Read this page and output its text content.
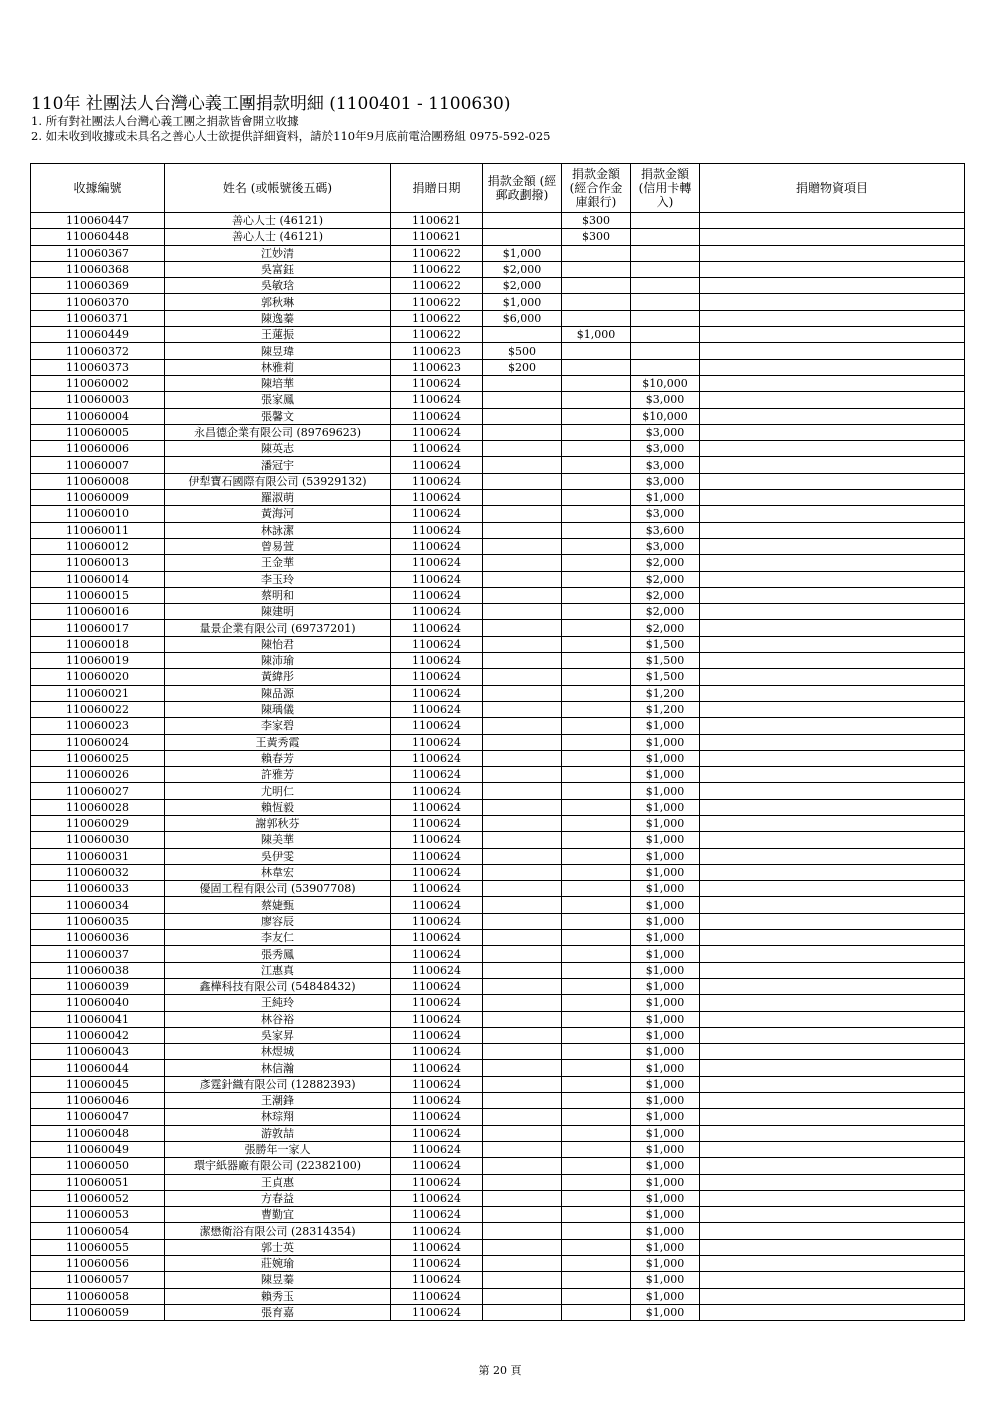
110年 社團法人台灣心義工團捐款明細 (1100401 - 1100630)

1. 所有對社團法人台灣心義工團之捐款皆會開立收據

2. 如未收到收據或未具名之善心人士欲提供詳細資料，請於110年9月底前電洽團務組 0975-592-025

收據編號	姓名 (或帳號後五碼)	捐贈日期	捐款金額 (經郵政劃撥)	捐款金額 (經合作金庫銀行)	捐款金額 (信用卡轉入)	捐贈物資項目
110060447	善心人士 (46121)	1100621		$300		
110060448	善心人士 (46121)	1100621		$300		
110060367	江妙清	1100622	$1,000			
110060368	吳富鈺	1100622	$2,000			
110060369	吳敏琀	1100622	$2,000			
110060370	郭秋琳	1100622	$1,000			
110060371	陳逸蓁	1100622	$6,000			
110060449	王蓮振	1100622		$1,000		
110060372	陳昱瑋	1100623	$500			
110060373	林雅莉	1100623	$200			
110060002	陳培華	1100624			$10,000	
110060003	張家鳳	1100624			$3,000	
110060004	張馨文	1100624			$10,000	
110060005	永昌德企業有限公司 (89769623)	1100624			$3,000	
110060006	陳英志	1100624			$3,000	
110060007	潘冠宇	1100624			$3,000	
110060008	伊犁寶石國際有限公司 (53929132)	1100624			$3,000	
110060009	羅淑萌	1100624			$1,000	
110060010	黃海河	1100624			$3,000	
110060011	林詠潔	1100624			$3,600	
110060012	曾易萱	1100624			$3,000	
110060013	王金華	1100624			$2,000	
110060014	李玉玲	1100624			$2,000	
110060015	蔡明和	1100624			$2,000	
110060016	陳建明	1100624			$2,000	
110060017	量景企業有限公司 (69737201)	1100624			$2,000	
110060018	陳怡君	1100624			$1,500	
110060019	陳沛瑜	1100624			$1,500	
110060020	黃緯彤	1100624			$1,500	
110060021	陳品源	1100624			$1,200	
110060022	陳瑀儀	1100624			$1,200	
110060023	李家碧	1100624			$1,000	
110060024	王黃秀霞	1100624			$1,000	
110060025	賴春芳	1100624			$1,000	
110060026	許雅芳	1100624			$1,000	
110060027	尤明仁	1100624			$1,000	
110060028	賴恆毅	1100624			$1,000	
110060029	謝郭秋芬	1100624			$1,000	
110060030	陳美華	1100624			$1,000	
110060031	吳伊雯	1100624			$1,000	
110060032	林韋宏	1100624			$1,000	
110060033	優固工程有限公司 (53907708)	1100624			$1,000	
110060034	蔡婕甄	1100624			$1,000	
110060035	廖容辰	1100624			$1,000	
110060036	李友仁	1100624			$1,000	
110060037	張秀鳳	1100624			$1,000	
110060038	江惠真	1100624			$1,000	
110060039	鑫樺科技有限公司 (54848432)	1100624			$1,000	
110060040	王純玲	1100624			$1,000	
110060041	林谷裕	1100624			$1,000	
110060042	吳家昇	1100624			$1,000	
110060043	林煜城	1100624			$1,000	
110060044	林信瀚	1100624			$1,000	
110060045	彥霆針織有限公司 (12882393)	1100624			$1,000	
110060046	王潮鋒	1100624			$1,000	
110060047	林琮翔	1100624			$1,000	
110060048	游敦喆	1100624			$1,000	
110060049	張勝年一家人	1100624			$1,000	
110060050	環宇紙器廠有限公司 (22382100)	1100624			$1,000	
110060051	王貞惠	1100624			$1,000	
110060052	方春益	1100624			$1,000	
110060053	曹勤宜	1100624			$1,000	
110060054	潔懋衛浴有限公司 (28314354)	1100624			$1,000	
110060055	郭士英	1100624			$1,000	
110060056	莊婉瑜	1100624			$1,000	
110060057	陳昱蓁	1100624			$1,000	
110060058	賴秀玉	1100624			$1,000	
110060059	張育嘉	1100624			$1,000	
第 20 頁
